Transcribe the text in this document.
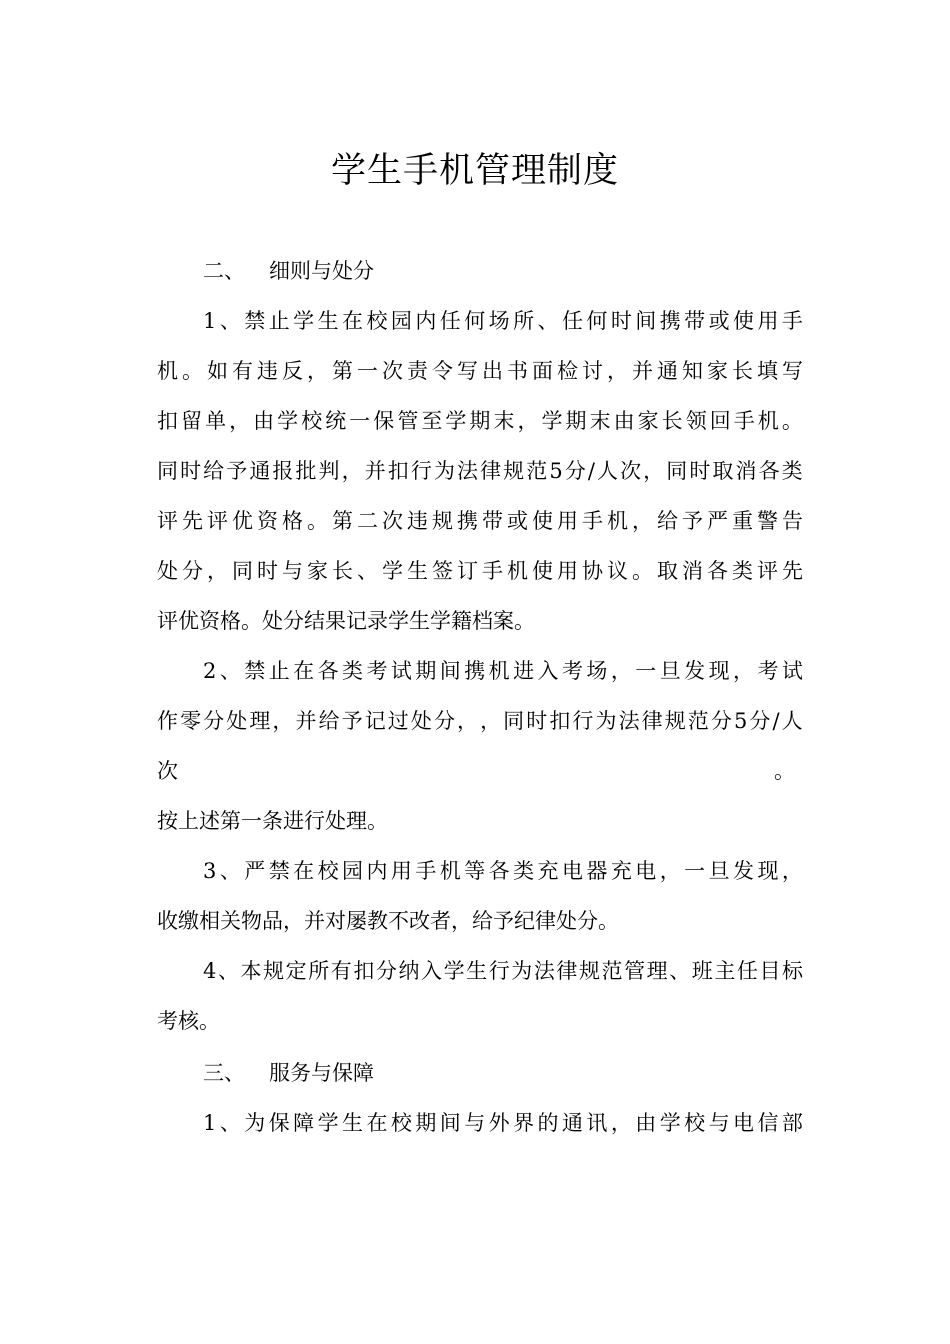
学生手机管理制度
二、 细则与处分
1 、 禁 止 学 生 在 校 园 内 任 何 场 所 、 任 何 时 间 携 带 或 使 用 手
机 。 如 有 违 反 ， 第 一 次 责 令 写 出 书 面 检 讨 ， 并 通 知 家 长 填 写
扣 留 单 ， 由 学 校 统 一 保 管 至 学 期 末 ， 学 期 末 由 家 长 领 回 手 机 。
同 时 给 予 通 报 批 判 ， 并 扣 行 为 法 律 规 范 5 分 / 人 次 ， 同 时 取 消 各 类
评 先 评 优 资 格 。 第 二 次 违 规 携 带 或 使 用 手 机 ， 给 予 严 重 警 告
处 分 ， 同 时 与 家 长 、 学 生 签 订 手 机 使 用 协 议 。 取 消 各 类 评 先
评优资格。处分结果记录学生学籍档案。
2 、 禁 止 在 各 类 考 试 期 间 携 机 进 入 考 场 ， 一 旦 发 现 ， 考 试
作 零 分 处 理 ， 并 给 予 记 过 处 分 ， ， 同 时 扣 行 为 法 律 规 范 分 5 分 / 人
次	。
按上述第一条进行处理。
3 、 严 禁 在 校 园 内 用 手 机 等 各 类 充 电 器 充 电 ， 一 旦 发 现 ，
收缴相关物品，并对屡教不改者，给予纪律处分。
4 、 本 规 定 所 有 扣 分 纳 入 学 生 行 为 法 律 规 范 管 理 、 班 主 任 目 标
考核。
三、 服务与保障
1 、 为 保 障 学 生 在 校 期 间 与 外 界 的 通 讯 ， 由 学 校 与 电 信 部
